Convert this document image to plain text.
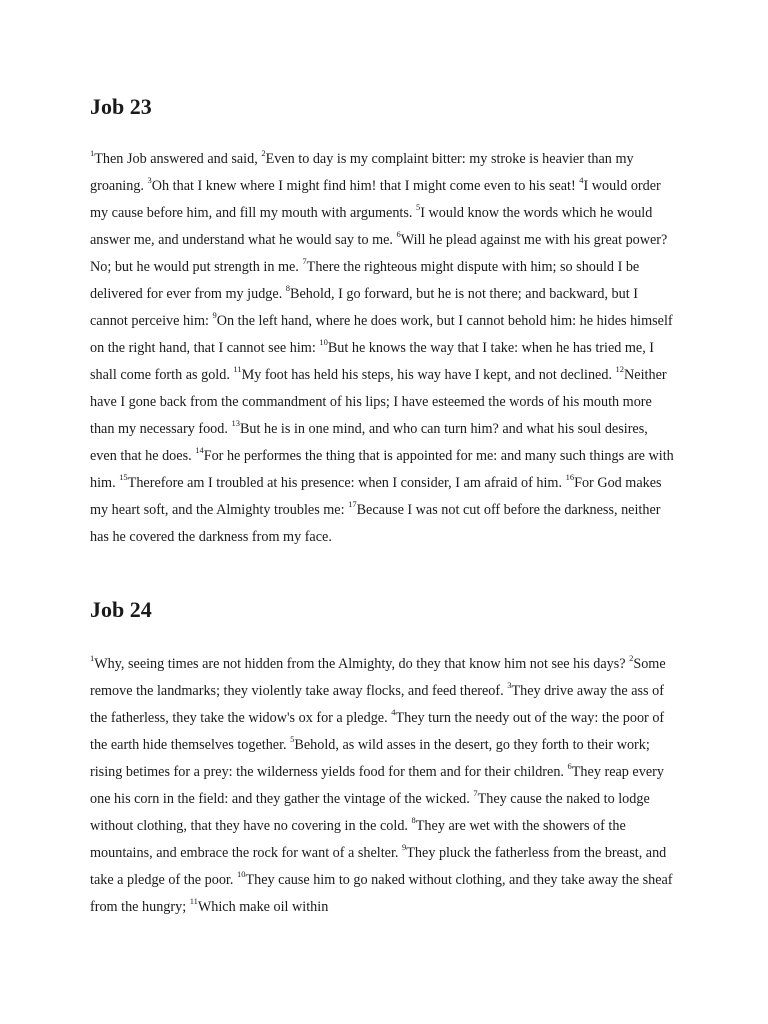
Job 23

$^1$Then Job answered and said, $^2$Even to day is my complaint bitter: my stroke is heavier than my groaning. $^3$Oh that I knew where I might find him! that I might come even to his seat! $^4$I would order my cause before him, and fill my mouth with arguments. $^5$I would know the words which he would answer me, and understand what he would say to me. $^6$Will he plead against me with his great power? No; but he would put strength in me. $^7$There the righteous might dispute with him; so should I be delivered for ever from my judge. $^8$Behold, I go forward, but he is not there; and backward, but I cannot perceive him: $^9$On the left hand, where he does work, but I cannot behold him: he hides himself on the right hand, that I cannot see him: $^{10}$But he knows the way that I take: when he has tried me, I shall come forth as gold. $^{11}$My foot has held his steps, his way have I kept, and not declined. $^{12}$Neither have I gone back from the commandment of his lips; I have esteemed the words of his mouth more than my necessary food. $^{13}$But he is in one mind, and who can turn him? and what his soul desires, even that he does. $^{14}$For he performes the thing that is appointed for me: and many such things are with him. $^{15}$Therefore am I troubled at his presence: when I consider, I am afraid of him. $^{16}$For God makes my heart soft, and the Almighty troubles me: $^{17}$Because I was not cut off before the darkness, neither has he covered the darkness from my face.

Job 24

$^1$Why, seeing times are not hidden from the Almighty, do they that know him not see his days? $^2$Some remove the landmarks; they violently take away flocks, and feed thereof. $^3$They drive away the ass of the fatherless, they take the widow's ox for a pledge. $^4$They turn the needy out of the way: the poor of the earth hide themselves together. $^5$Behold, as wild asses in the desert, go they forth to their work; rising betimes for a prey: the wilderness yields food for them and for their children. $^6$They reap every one his corn in the field: and they gather the vintage of the wicked. $^7$They cause the naked to lodge without clothing, that they have no covering in the cold. $^8$They are wet with the showers of the mountains, and embrace the rock for want of a shelter. $^9$They pluck the fatherless from the breast, and take a pledge of the poor. $^{10}$They cause him to go naked without clothing, and they take away the sheaf from the hungry; $^{11}$Which make oil within
